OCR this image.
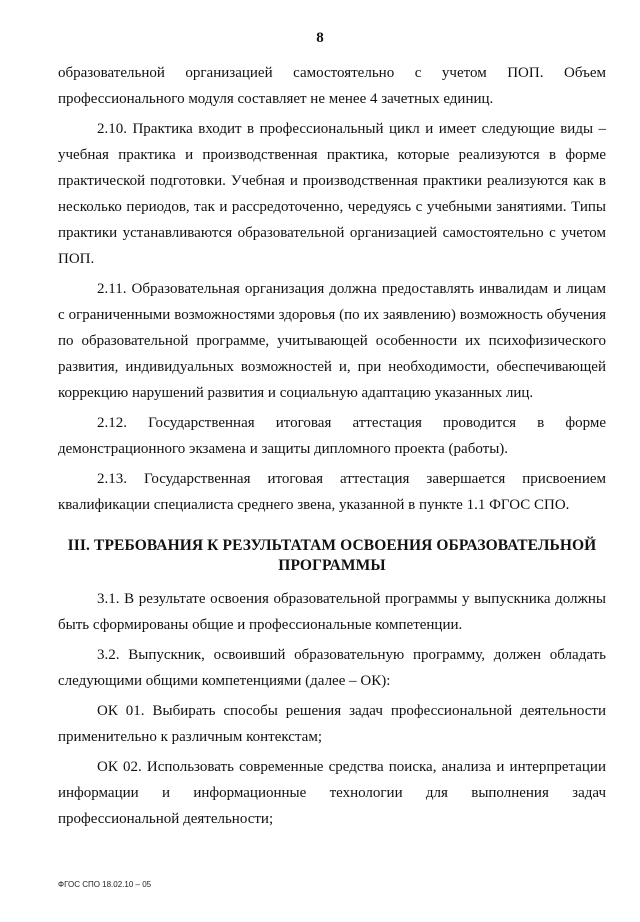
8

образовательной организацией самостоятельно с учетом ПОП. Объем профессионального модуля составляет не менее 4 зачетных единиц.

2.10. Практика входит в профессиональный цикл и имеет следующие виды – учебная практика и производственная практика, которые реализуются в форме практической подготовки. Учебная и производственная практики реализуются как в несколько периодов, так и рассредоточенно, чередуясь с учебными занятиями. Типы практики устанавливаются образовательной организацией самостоятельно с учетом ПОП.

2.11. Образовательная организация должна предоставлять инвалидам и лицам с ограниченными возможностями здоровья (по их заявлению) возможность обучения по образовательной программе, учитывающей особенности их психофизического развития, индивидуальных возможностей и, при необходимости, обеспечивающей коррекцию нарушений развития и социальную адаптацию указанных лиц.

2.12. Государственная итоговая аттестация проводится в форме демонстрационного экзамена и защиты дипломного проекта (работы).

2.13. Государственная итоговая аттестация завершается присвоением квалификации специалиста среднего звена, указанной в пункте 1.1 ФГОС СПО.

III. ТРЕБОВАНИЯ К РЕЗУЛЬТАТАМ ОСВОЕНИЯ ОБРАЗОВАТЕЛЬНОЙ ПРОГРАММЫ

3.1. В результате освоения образовательной программы у выпускника должны быть сформированы общие и профессиональные компетенции.

3.2. Выпускник, освоивший образовательную программу, должен обладать следующими общими компетенциями (далее – ОК):

ОК 01. Выбирать способы решения задач профессиональной деятельности применительно к различным контекстам;

ОК 02. Использовать современные средства поиска, анализа и интерпретации информации и информационные технологии для выполнения задач профессиональной деятельности;

ФГОС СПО 18.02.10 – 05
